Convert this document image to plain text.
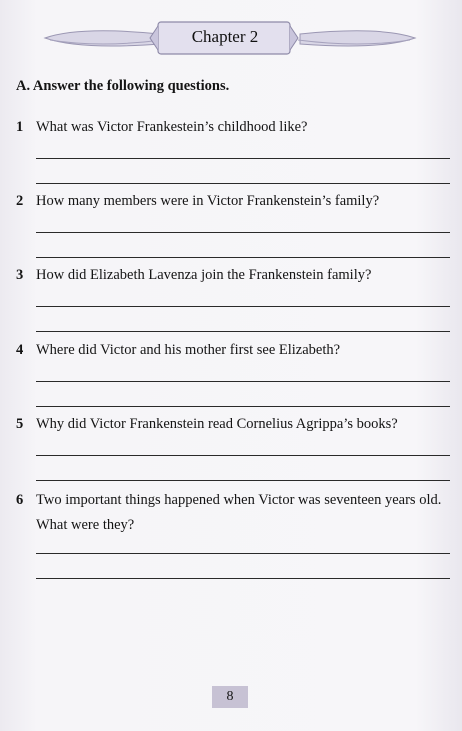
Chapter 2
A. Answer the following questions.
1 What was Victor Frankestein’s childhood like?
2 How many members were in Victor Frankenstein’s family?
3 How did Elizabeth Lavenza join the Frankenstein family?
4 Where did Victor and his mother first see Elizabeth?
5 Why did Victor Frankenstein read Cornelius Agrippa’s books?
6 Two important things happened when Victor was seventeen years old. What were they?
8
